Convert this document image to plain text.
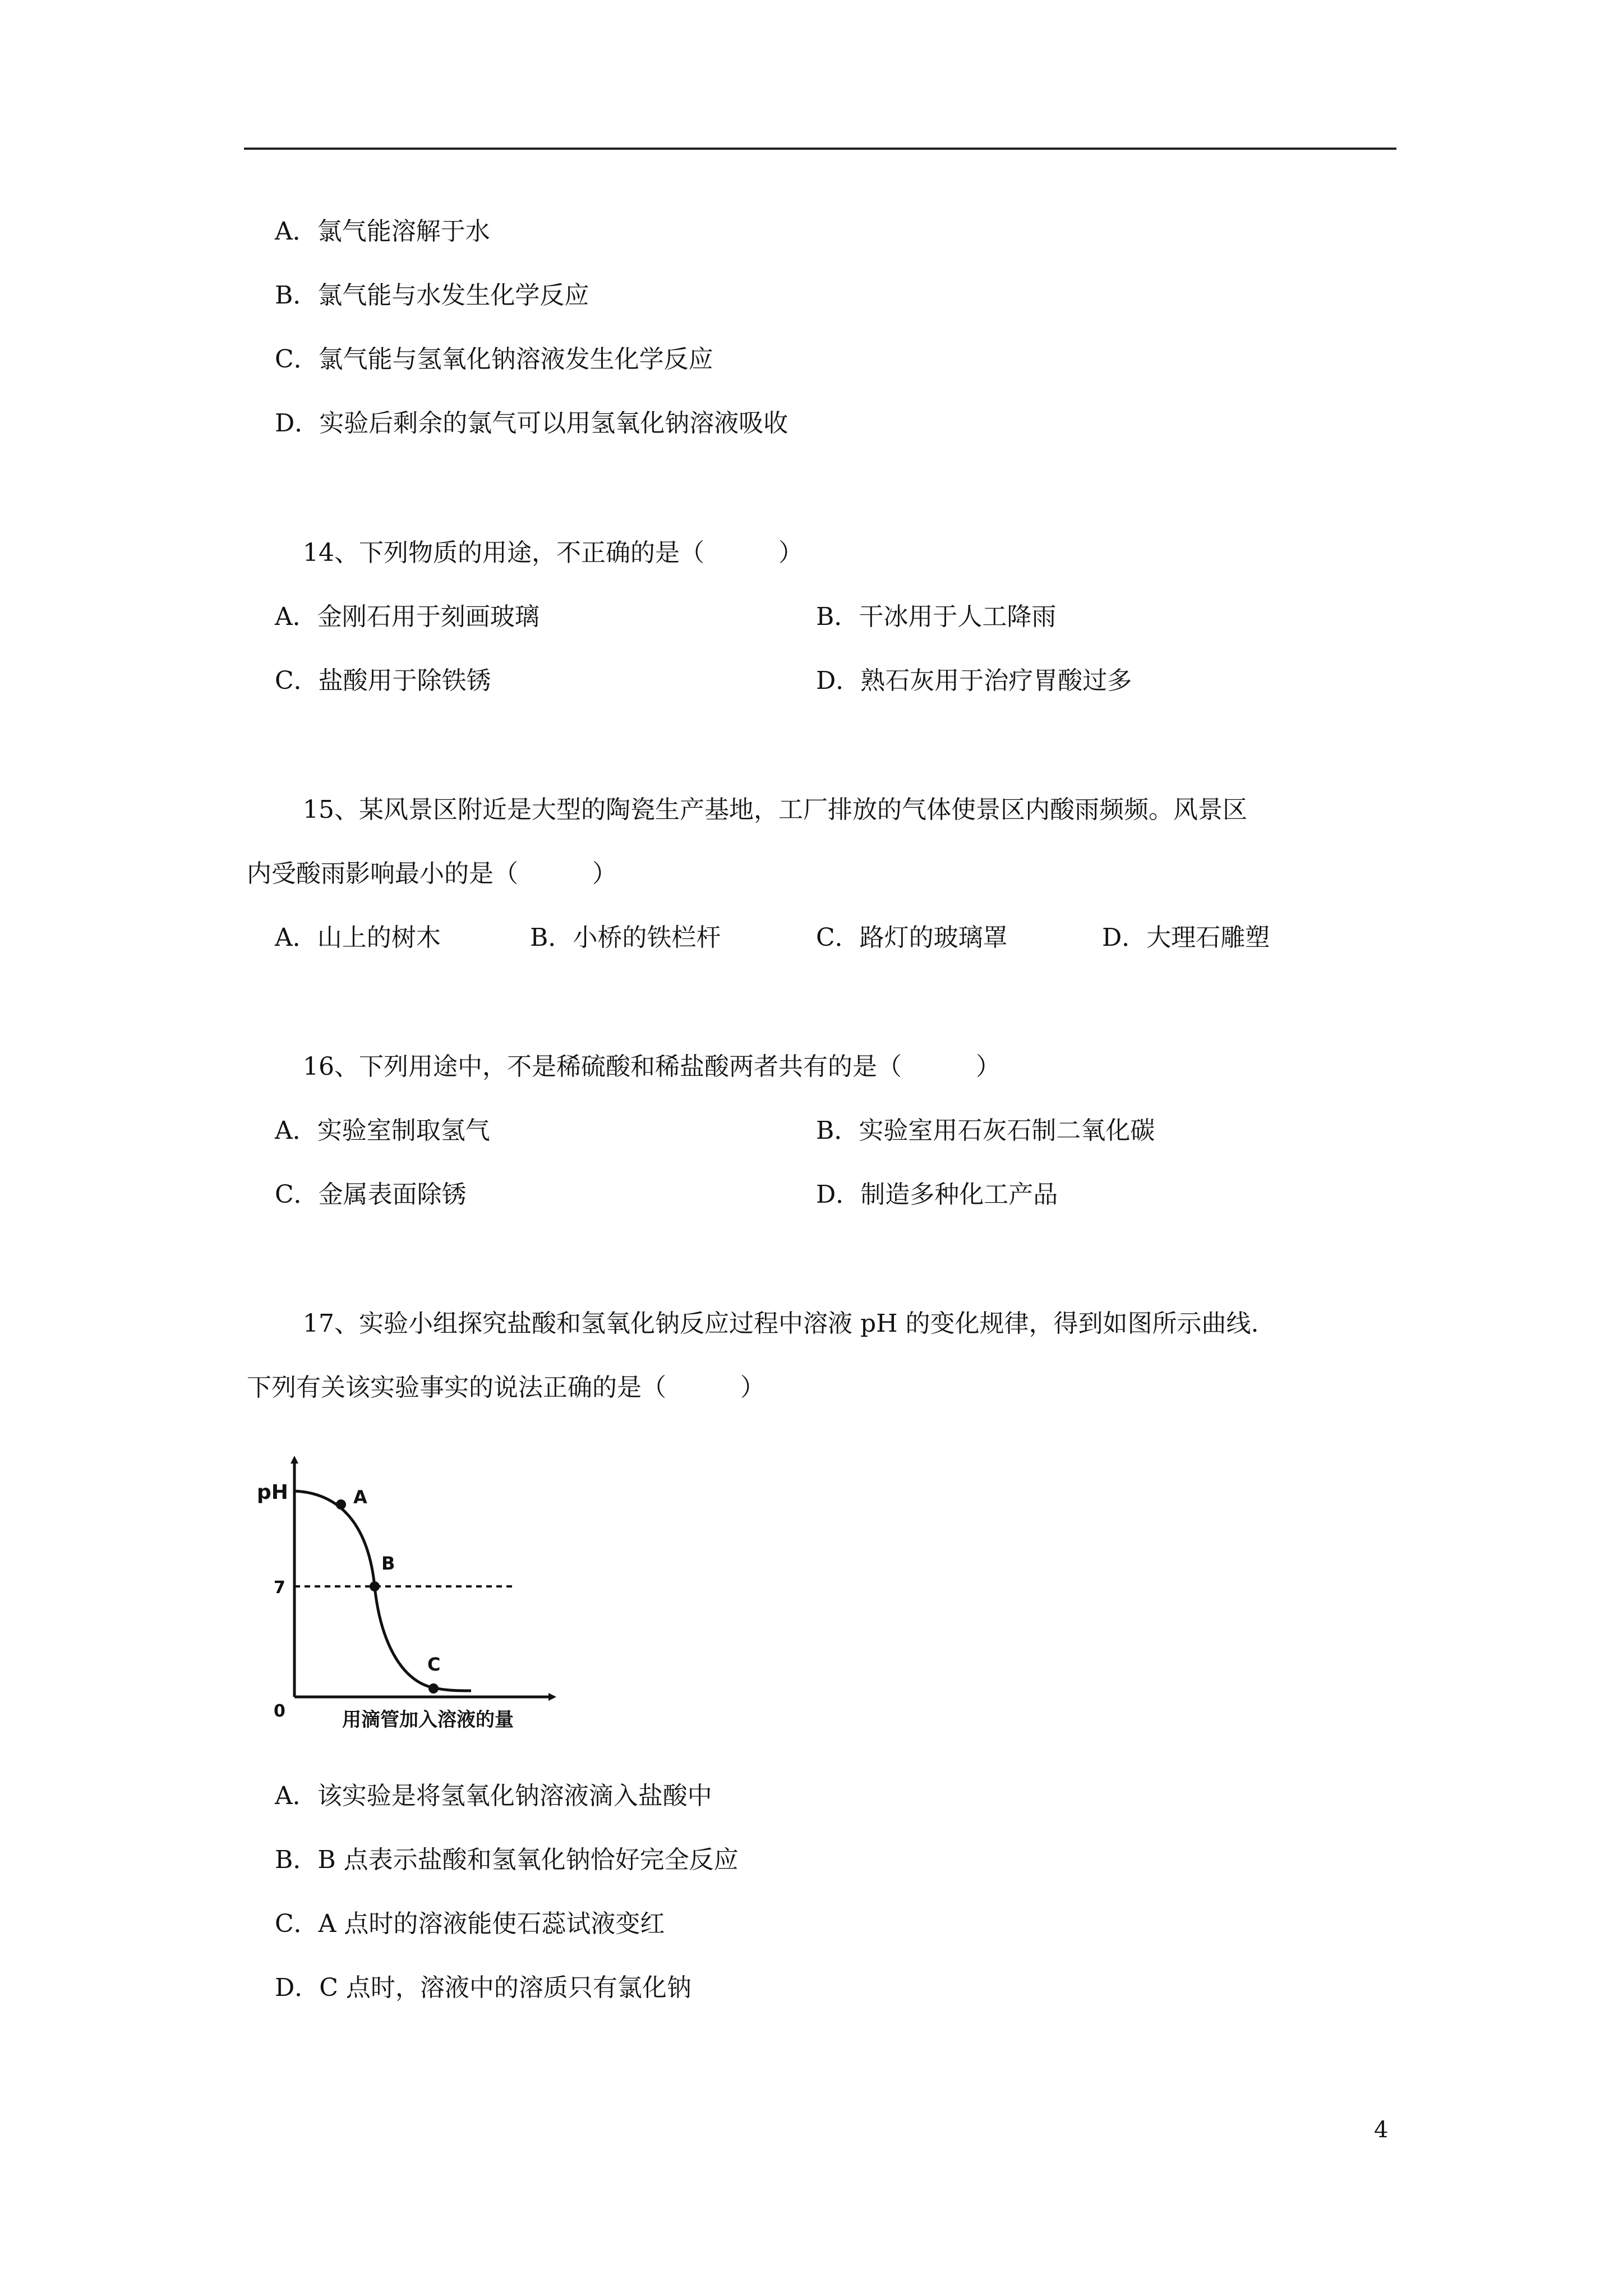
A．氯气能溶解于水
B．氯气能与水发生化学反应
C．氯气能与氢氧化钠溶液发生化学反应
D．实验后剩余的氯气可以用氢氧化钠溶液吸收
14、下列物质的用途，不正确的是（　　　）
A．金刚石用于刻画玻璃	B．干冰用于人工降雨
C．盐酸用于除铁锈	D．熟石灰用于治疗胃酸过多
15、某风景区附近是大型的陶瓷生产基地，工厂排放的气体使景区内酸雨频频。风景区
内受酸雨影响最小的是（　　　）
A．山上的树木	B．小桥的铁栏杆	C．路灯的玻璃罩	D．大理石雕塑
16、下列用途中，不是稀硫酸和稀盐酸两者共有的是（　　　）
A．实验室制取氢气	B．实验室用石灰石制二氧化碳
C．金属表面除锈	D．制造多种化工产品
17、实验小组探究盐酸和氢氧化钠反应过程中溶液 pH 的变化规律，得到如图所示曲线.
下列有关该实验事实的说法正确的是（　　　）
pH
7
0
A
B
C
用滴管加入溶液的量
A．该实验是将氢氧化钠溶液滴入盐酸中
B．B 点表示盐酸和氢氧化钠恰好完全反应
C．A 点时的溶液能使石蕊试液变红
D．C 点时，溶液中的溶质只有氯化钠
4
